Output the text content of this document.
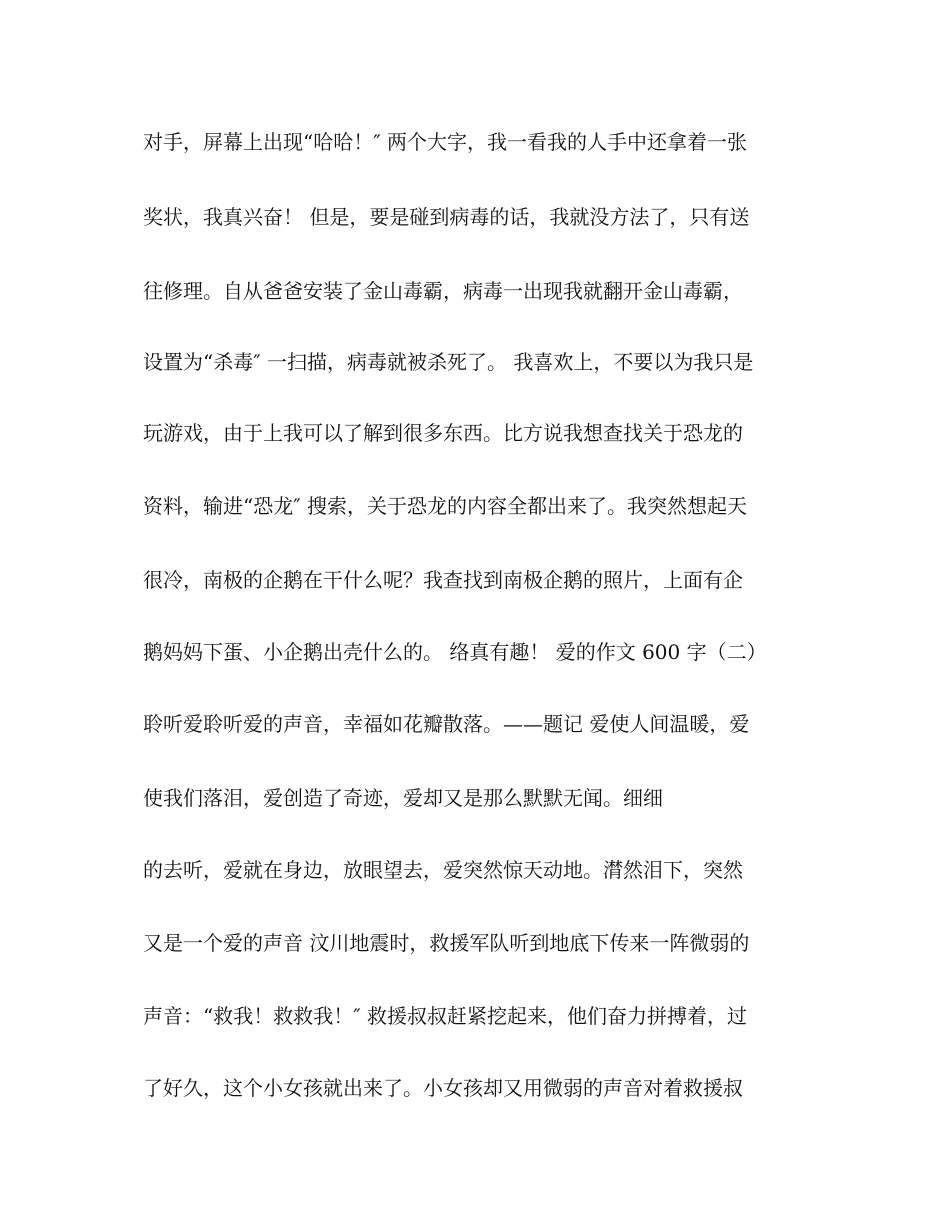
对手，屏幕上出现“哈哈！″ 两个大字，我一看我的人手中还拿着一张

奖状，我真兴奋！ 但是，要是碰到病毒的话，我就没方法了，只有送

往修理。自从爸爸安装了金山毒霸，病毒一出现我就翻开金山毒霸，

设置为“杀毒″ 一扫描，病毒就被杀死了。 我喜欢上，不要以为我只是

玩游戏，由于上我可以了解到很多东西。比方说我想查找关于恐龙的

资料，输进“恐龙″ 搜索，关于恐龙的内容全都出来了。我突然想起天

很冷，南极的企鹅在干什么呢？我查找到南极企鹅的照片，上面有企

鹅妈妈下蛋、小企鹅出壳什么的。 络真有趣！ 爱的作文 600 字（二）

聆听爱聆听爱的声音，幸福如花瓣散落。——题记 爱使人间温暖，爱

使我们落泪，爱创造了奇迹，爱却又是那么默默无闻。细细

的去听，爱就在身边，放眼望去，爱突然惊天动地。潸然泪下，突然

又是一个爱的声音 汶川地震时，救援军队听到地底下传来一阵微弱的

声音：“救我！救救我！″ 救援叔叔赶紧挖起来，他们奋力拼搏着，过

了好久，这个小女孩就出来了。小女孩却又用微弱的声音对着救援叔
